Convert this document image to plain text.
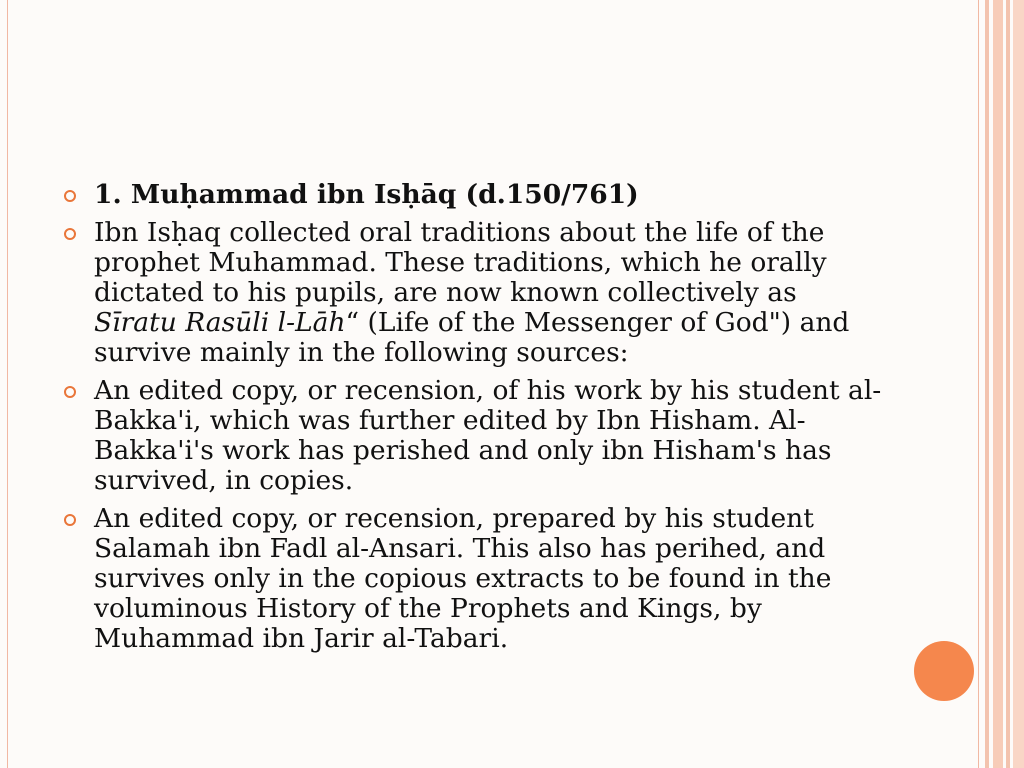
1. Muḥammad ibn Isḥāq (d.150/761)
Ibn Isḥaq collected oral traditions about the life of the prophet Muhammad. These traditions, which he orally dictated to his pupils, are now known collectively as Sīratu Rasūli l-Lāh“ (Life of the Messenger of God") and survive mainly in the following sources:
An edited copy, or recension, of his work by his student al-Bakka'i, which was further edited by Ibn Hisham. Al-Bakka'i's work has perished and only ibn Hisham's has survived, in copies.
An edited copy, or recension, prepared by his student Salamah ibn Fadl al-Ansari. This also has perihed, and survives only in the copious extracts to be found in the voluminous History of the Prophets and Kings, by Muhammad ibn Jarir al-Tabari.
